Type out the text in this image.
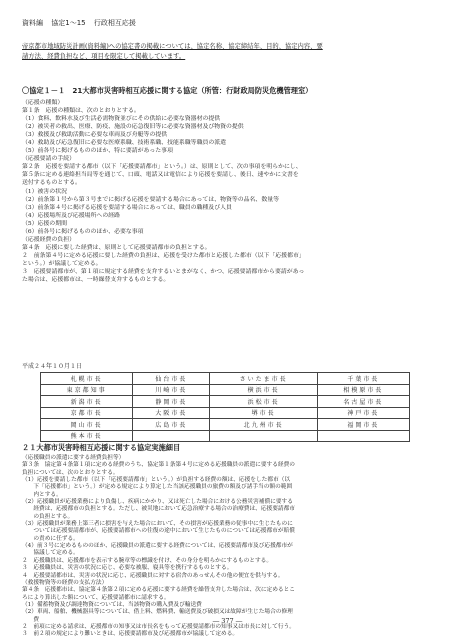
資料編 協定1～15 行政相互応援
帝京都市地域防災計画(資料編)への協定書の掲載については、協定名称、協定締結年、目的、協定内容、要
請方法、経費負担など、項目を限定して掲載しています。
〇協定１－１　21大都市災害時相互応援に関する協定（所管：行財政局防災危機管理室）
（応援の種類）
第１条　応援の種類は、次のとおりとする。
（1）食料、飲料水及び生活必需物資並びにその供給に必要な資器材の提供
（2）被災者の救出、医療、防疫、施設の応急復旧等に必要な資器材及び物資の提供
（3）救援及び救助活動に必要な車両及び舟艇等の提供
（4）救助及び応急復旧に必要な医療系職、技術系職、技能系職等職員の派遣
（5）前各号に掲げるもののほか、特に要請があった事項
（応援要請の手続）
第２条　応援を要請する都市（以下「応援要請都市」という。）は、原則として、次の事項を明らかにし、
第５条に定める連絡担当局等を通じて、口頭、電話又は電信により応援を要請し、後日、速やかに文書を
送付するものとする。
（1）被害の状況
（2）前条第１号から第３号までに掲げる応援を要請する場合にあっては、物資等の品名、数量等
（3）前条第４号に掲げる応援を要請する場合にあっては、職員の職種及び人員
（4）応援場所及び応援場所への経路
（5）応援の期間
（6）前各号に掲げるもののほか、必要な事項
（応援経費の負担）
第４条　応援に要した経費は、原則として応援要請都市の負担とする。
２　前条第４号に定める応援に要した経費の負担は、応援を受けた都市と応援した都市（以下「応援都市」
という。）が協議して定める。
３　応援要請都市が、第１項に規定する経費を支弁するいとまがなく、かつ、応援要請都市から要請があっ
た場合は、応援都市は、一時繰替支弁するものとする。
平成２４年１０月１日
札幌市長	仙台市長	さいたま市長	千葉市長
東京都知事	川崎市長	横浜市長	相模原市長
新潟市長	静岡市長	浜松市長	名古屋市長
京都市長	大阪市長	堺市長	神戸市長
岡山市長	広島市長	北九州市長	福岡市長
熊本市長			
２１大都市災害時相互応援に関する協定実施細目
（応援職員の派遣に要する経費負担等）
第３条　協定第４条第１項に定める経費のうち、協定第１条第４号に定める応援職員の派遣に要する経費の
負担については、次のとおりとする。
（1）応援を要請した都市（以下「応援要請都市」という。）が負担する経費の額は、応援をした都市（以
　　下「応援都市」という。）が定める規定により算定した当該応援職員の旅費の額及び諸手当の額の範囲
　　内とする。
（2）応援職員が応援業務により負傷し、疾病にかかり、又は死亡した場合における公務災害補償に要する
　　経費は、応援都市の負担とする。ただし、被災地において応急治療する場合の治療費は、応援要請都市
　　の負担とする。
（3）応援職員が業務上第三者に損害を与えた場合において、その損害が応援業務の従事中に生じたものに
　　ついては応援要請都市が、応援要請都市への往復の途中において生じたものについては応援都市が賠償
　　の責めに任ずる。
（4）前３号に定めるもののほか、応援職員の派遣に要する経費については、応援要請都市及び応援都市が
　　協議して定める。
２　応援職員は、応援都市を表示する腕章等の標識を付け、その身分を明らかにするものとする。
３　応援職員は、災害の状況に応じ、必要な被服、寝具等を携行するものとする。
４　応援要請都市は、災害の状況に応じ、応援職員に対する宿舎のあっせんその他の便宜を供与する。
（救援物資等の経費の支払方法）
第４条　応援都市は、協定第４条第２項に定める応援に要する経費を繰替支弁した場合は、次に定めるとこ
ろにより算出した額について、応援要請都市に請求する。
（1）備蓄物資及び調達物資については、当該物資の購入費及び輸送費
（2）車両、船舶、機械器具等については、借上料、燃料費、輸送費及び破損又は故障が生じた場合の修理
　　費
２　前項に定める請求は、応援都市の知事又は市長名をもって応援要請都市の知事又は市長に対して行う。
３　前２項の規定により難いときは、応援要請都市及び応援都市が協議して定める。
― 377 ―
